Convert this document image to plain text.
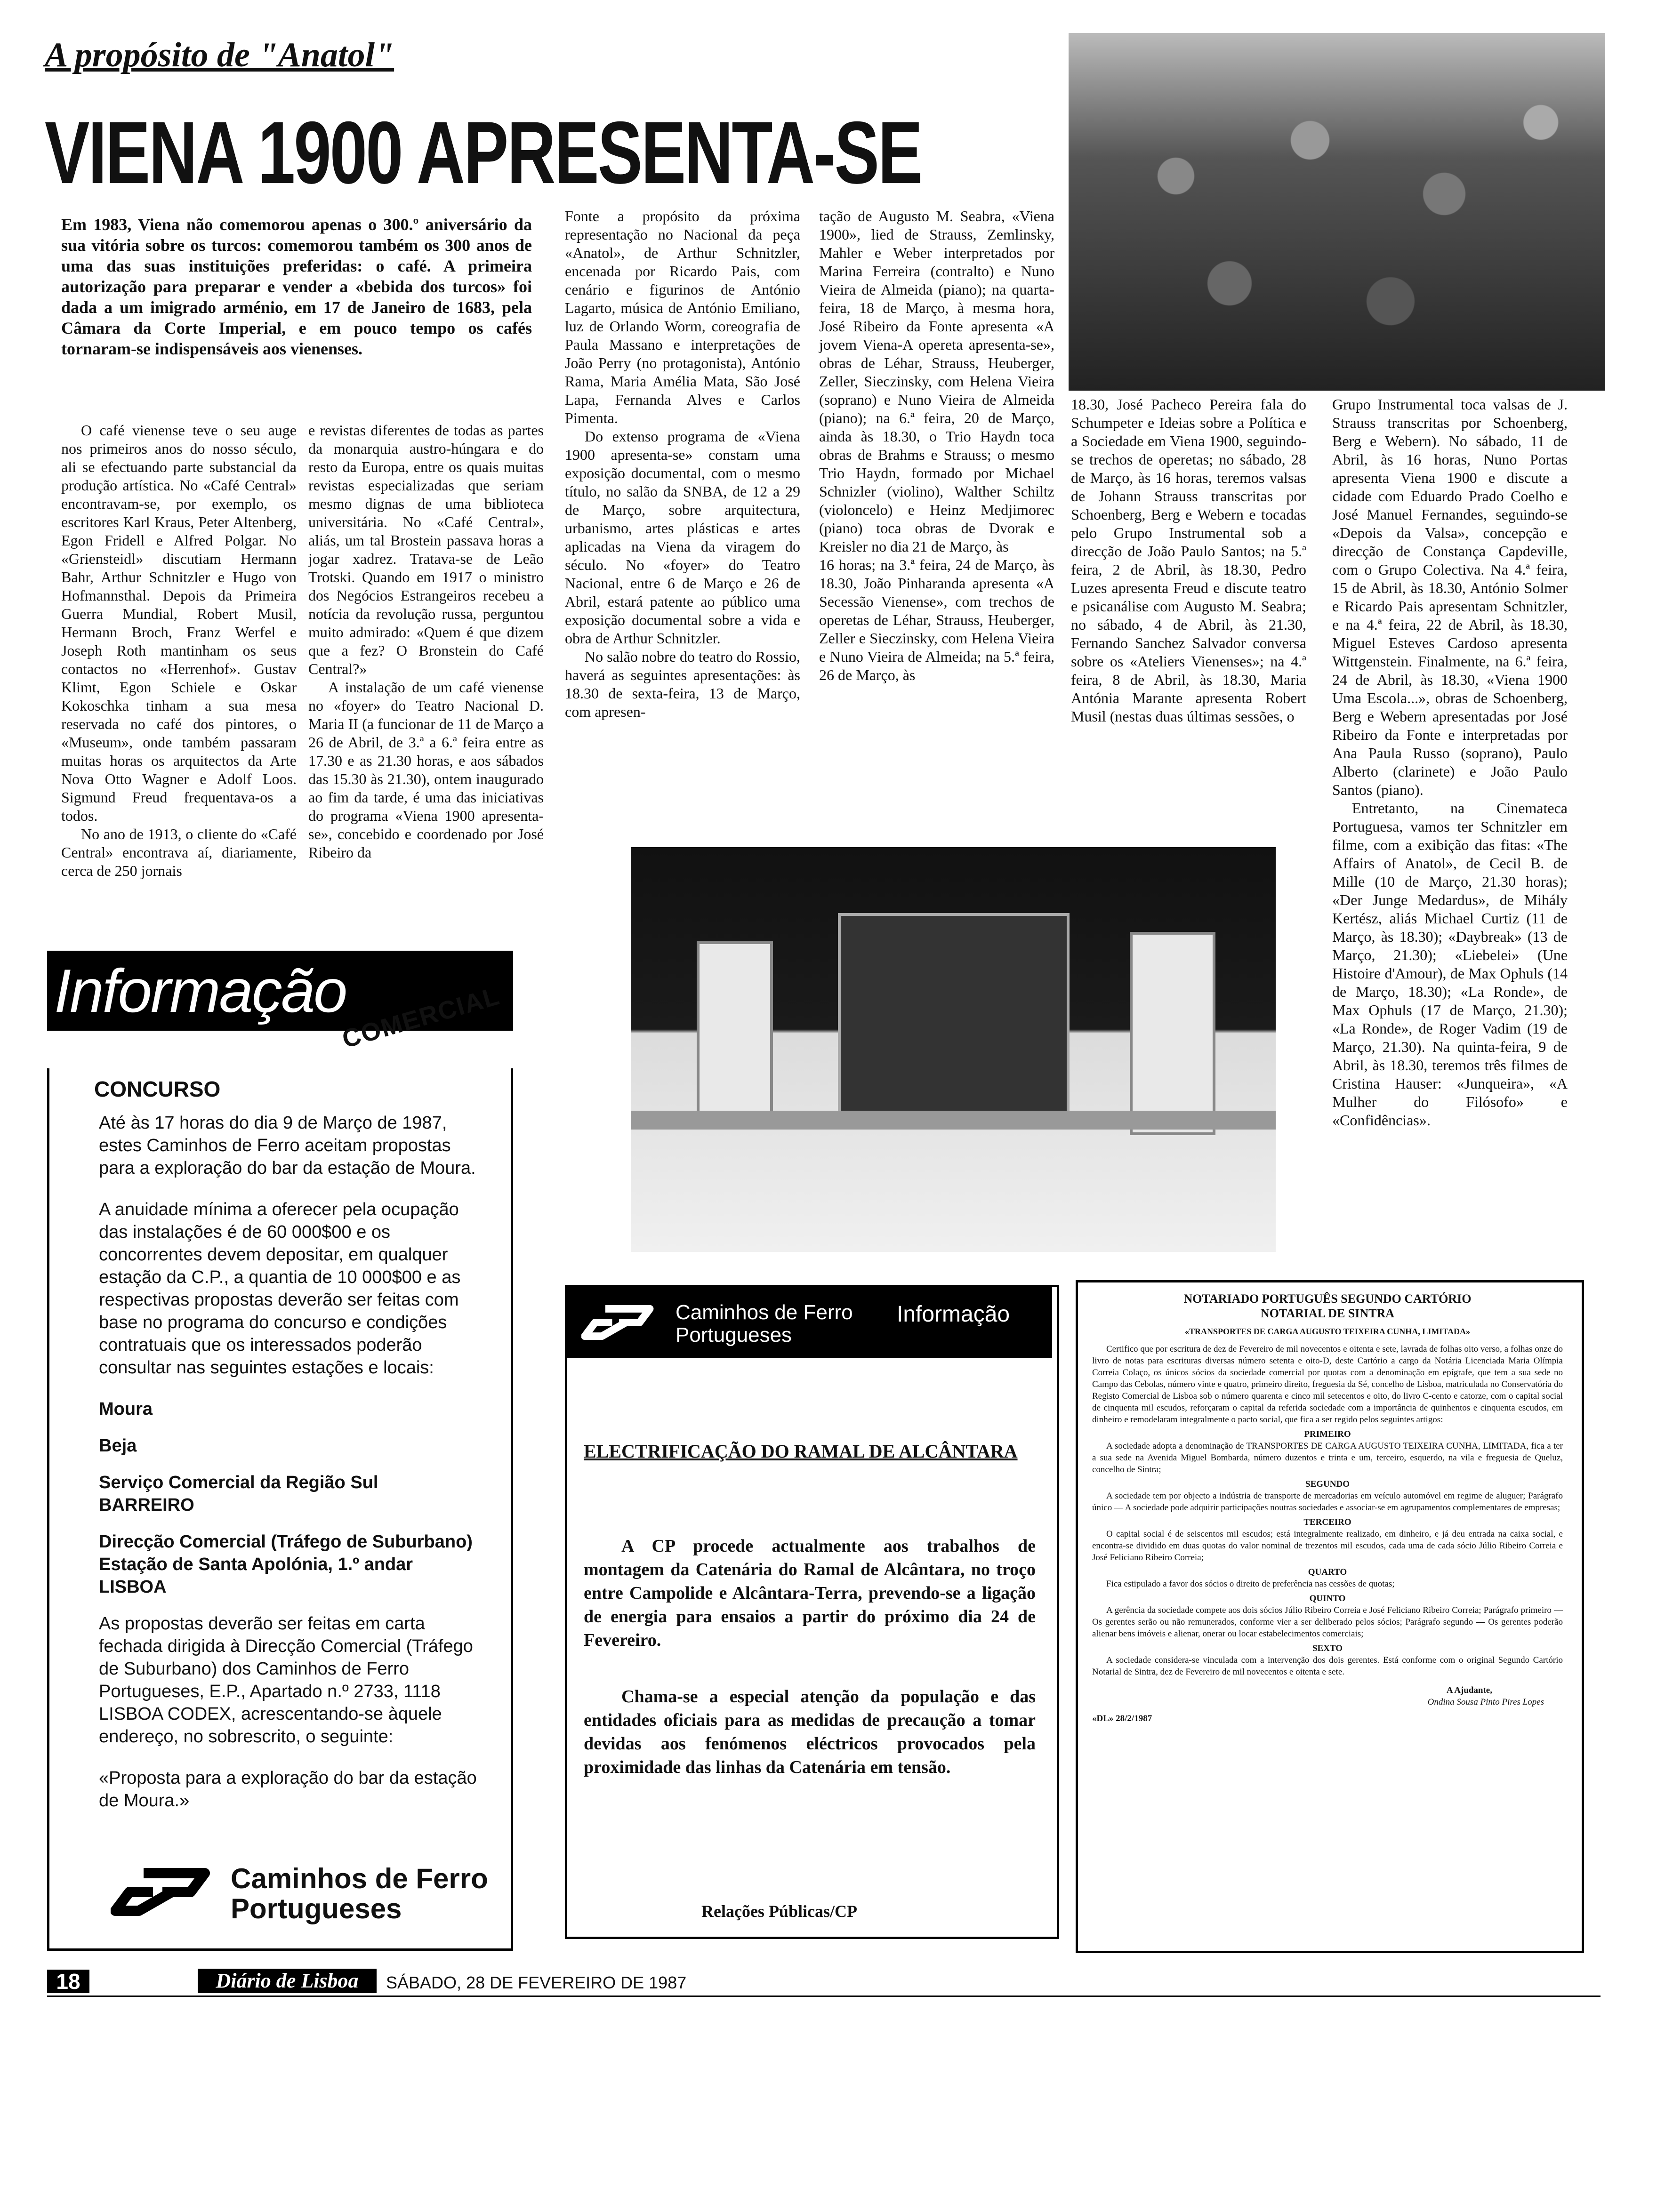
A propósito de "Anatol"
VIENA 1900 APRESENTA-SE
Em 1983, Viena não comemorou apenas o 300.º aniversário da sua vitória sobre os turcos: comemorou também os 300 anos de uma das suas instituições preferidas: o café. A primeira autorização para preparar e vender a «bebida dos turcos» foi dada a um imigrado arménio, em 17 de Janeiro de 1683, pela Câmara da Corte Imperial, e em pouco tempo os cafés tornaram-se indispensáveis aos vienenses.

O café vienense teve o seu auge nos primeiros anos do nosso século, ali se efectuando parte substancial da produção artística. No «Café Central» encontravam-se, por exemplo, os escritores Karl Kraus, Peter Altenberg, Egon Fridell e Alfred Polgar. No «Griensteidl» discutiam Hermann Bahr, Arthur Schnitzler e Hugo von Hofmannsthal. Depois da Primeira Guerra Mundial, Robert Musil, Hermann Broch, Franz Werfel e Joseph Roth mantinham os seus contactos no «Herrenhof». Gustav Klimt, Egon Schiele e Oskar Kokoschka tinham a sua mesa reservada no café dos pintores, o «Museum», onde também passaram muitas horas os arquitectos da Arte Nova Otto Wagner e Adolf Loos. Sigmund Freud frequentava-os a todos.

No ano de 1913, o cliente do «Café Central» encontrava aí, diariamente, cerca de 250 jornais

e revistas diferentes de todas as partes da monarquia austro-húngara e do resto da Europa, entre os quais muitas revistas especializadas que seriam mesmo dignas de uma biblioteca universitária. No «Café Central», aliás, um tal Brostein passava horas a jogar xadrez. Tratava-se de Leão Trotski. Quando em 1917 o ministro dos Negócios Estrangeiros recebeu a notícia da revolução russa, perguntou muito admirado: «Quem é que dizem que a fez? O Bronstein do Café Central?»

A instalação de um café vienense no «foyer» do Teatro Nacional D. Maria II (a funcionar de 11 de Março a 26 de Abril, de 3.ª a 6.ª feira entre as 17.30 e as 21.30 horas, e aos sábados das 15.30 às 21.30), ontem inaugurado ao fim da tarde, é uma das iniciativas do programa «Viena 1900 apresenta-se», concebido e coordenado por José Ribeiro da

Fonte a propósito da próxima representação no Nacional da peça «Anatol», de Arthur Schnitzler, encenada por Ricardo Pais, com cenário e figurinos de António Lagarto, música de António Emiliano, luz de Orlando Worm, coreografia de Paula Massano e interpretações de João Perry (no protagonista), António Rama, Maria Amélia Mata, São José Lapa, Fernanda Alves e Carlos Pimenta.

Do extenso programa de «Viena 1900 apresenta-se» constam uma exposição documental, com o mesmo título, no salão da SNBA, de 12 a 29 de Março, sobre arquitectura, urbanismo, artes plásticas e artes aplicadas na Viena da viragem do século. No «foyer» do Teatro Nacional, entre 6 de Março e 26 de Abril, estará patente ao público uma exposição documental sobre a vida e obra de Arthur Schnitzler.

No salão nobre do teatro do Rossio, haverá as seguintes apresentações: às 18.30 de sexta-feira, 13 de Março, com apresen-

tação de Augusto M. Seabra, «Viena 1900», lied de Strauss, Zemlinsky, Mahler e Weber interpretados por Marina Ferreira (contralto) e Nuno Vieira de Almeida (piano); na quarta-feira, 18 de Março, à mesma hora, José Ribeiro da Fonte apresenta «A jovem Viena-A opereta apresenta-se», obras de Léhar, Strauss, Heuberger, Zeller, Sieczinsky, com Helena Vieira (soprano) e Nuno Vieira de Almeida (piano); na 6.ª feira, 20 de Março, ainda às 18.30, o Trio Haydn toca obras de Brahms e Strauss; o mesmo Trio Haydn, formado por Michael Schnizler (violino), Walther Schiltz (violoncelo) e Heinz Medjimorec (piano) toca obras de Dvorak e Kreisler no dia 21 de Março, às

16 horas; na 3.ª feira, 24 de Março, às 18.30, João Pinharanda apresenta «A Secessão Vienense», com trechos de operetas de Léhar, Strauss, Heuberger, Zeller e Sieczinsky, com Helena Vieira e Nuno Vieira de Almeida; na 5.ª feira, 26 de Março, às

18.30, José Pacheco Pereira fala do Schumpeter e Ideias sobre a Política e a Sociedade em Viena 1900, seguindo-se trechos de operetas; no sábado, 28 de Março, às 16 horas, teremos valsas de Johann Strauss transcritas por Schoenberg, Berg e Webern e tocadas pelo Grupo Instrumental sob a direcção de João Paulo Santos; na 5.ª feira, 2 de Abril, às 18.30, Pedro Luzes apresenta Freud e discute teatro e psicanálise com Augusto M. Seabra; no sábado, 4 de Abril, às 21.30, Fernando Sanchez Salvador conversa sobre os «Ateliers Vienenses»; na 4.ª feira, 8 de Abril, às 18.30, Maria Antónia Marante apresenta Robert Musil (nestas duas últimas sessões, o

Grupo Instrumental toca valsas de J. Strauss transcritas por Schoenberg, Berg e Webern). No sábado, 11 de Abril, às 16 horas, Nuno Portas apresenta Viena 1900 e discute a cidade com Eduardo Prado Coelho e José Manuel Fernandes, seguindo-se «Depois da Valsa», concepção e direcção de Constança Capdeville, com o Grupo Colectiva. Na 4.ª feira, 15 de Abril, às 18.30, António Solmer e Ricardo Pais apresentam Schnitzler, e na 4.ª feira, 22 de Abril, às 18.30, Miguel Esteves Cardoso apresenta Wittgenstein. Finalmente, na 6.ª feira, 24 de Abril, às 18.30, «Viena 1900 Uma Escola...», obras de Schoenberg, Berg e Webern apresentadas por José Ribeiro da Fonte e interpretadas por Ana Paula Russo (soprano), Paulo Alberto (clarinete) e João Paulo Santos (piano).

Entretanto, na Cinemateca Portuguesa, vamos ter Schnitzler em filme, com a exibição das fitas: «The Affairs of Anatol», de Cecil B. de Mille (10 de Março, 21.30 horas); «Der Junge Medardus», de Mihály Kertész, aliás Michael Curtiz (11 de Março, às 18.30); «Daybreak» (13 de Março, 21.30); «Liebelei» (Une Histoire d'Amour), de Max Ophuls (14 de Março, 18.30); «La Ronde», de Max Ophuls (17 de Março, 21.30); «La Ronde», de Roger Vadim (19 de Março, 21.30). Na quinta-feira, 9 de Abril, às 18.30, teremos três filmes de Cristina Hauser: «Junqueira», «A Mulher do Filósofo» e «Confidências».

Informação
COMERCIAL
CONCURSO

Até às 17 horas do dia 9 de Março de 1987, estes Caminhos de Ferro aceitam propostas para a exploração do bar da estação de Moura.

A anuidade mínima a oferecer pela ocupação das instalações é de 60 000$00 e os concorrentes devem depositar, em qualquer estação da C.P., a quantia de 10 000$00 e as respectivas propostas deverão ser feitas com base no programa do concurso e condições contratuais que os interessados poderão consultar nas seguintes estações e locais:

Moura
Beja
Serviço Comercial da Região Sul
BARREIRO
Direcção Comercial (Tráfego de Suburbano)
Estação de Santa Apolónia, 1.º andar
LISBOA

As propostas deverão ser feitas em carta fechada dirigida à Direcção Comercial (Tráfego de Suburbano) dos Caminhos de Ferro Portugueses, E.P., Apartado n.º 2733, 1118 LISBOA CODEX, acrescentando-se àquele endereço, no sobrescrito, o seguinte:

«Proposta para a exploração do bar da estação de Moura.»

Caminhos de Ferro
Portugueses
Caminhos de Ferro
Portugueses
Informação
ELECTRIFICAÇÃO DO RAMAL DE ALCÂNTARA
A CP procede actualmente aos trabalhos de montagem da Catenária do Ramal de Alcântara, no troço entre Campolide e Alcântara-Terra, prevendo-se a ligação de energia para ensaios a partir do próximo dia 24 de Fevereiro.
Chama-se a especial atenção da população e das entidades oficiais para as medidas de precaução a tomar devidas aos fenómenos eléctricos provocados pela proximidade das linhas da Catenária em tensão.
Relações Públicas/CP
NOTARIADO PORTUGUÊS SEGUNDO CARTÓRIO
NOTARIAL DE SINTRA
«TRANSPORTES DE CARGA AUGUSTO TEIXEIRA CUNHA, LIMITADA»
Certifico que por escritura de dez de Fevereiro de mil novecentos e oitenta e sete, lavrada de folhas oito verso, a folhas onze do livro de notas para escrituras diversas número setenta e oito-D, deste Cartório a cargo da Notária Licenciada Maria Olímpia Correia Colaço, os únicos sócios da sociedade comercial por quotas com a denominação em epígrafe, que tem a sua sede no Campo das Cebolas, número vinte e quatro, primeiro direito, freguesia da Sé, concelho de Lisboa, matriculada no Conservatória do Registo Comercial de Lisboa sob o número quarenta e cinco mil setecentos e oito, do livro C-cento e catorze, com o capital social de cinquenta mil escudos, reforçaram o capital da referida sociedade com a importância de quinhentos e cinquenta escudos, em dinheiro e remodelaram integralmente o pacto social, que fica a ser regido pelos seguintes artigos:
PRIMEIRO
A sociedade adopta a denominação de TRANSPORTES DE CARGA AUGUSTO TEIXEIRA CUNHA, LIMITADA, fica a ter a sua sede na Avenida Miguel Bombarda, número duzentos e trinta e um, terceiro, esquerdo, na vila e freguesia de Queluz, concelho de Sintra;
SEGUNDO
A sociedade tem por objecto a indústria de transporte de mercadorias em veículo automóvel em regime de aluguer; Parágrafo único — A sociedade pode adquirir participações noutras sociedades e associar-se em agrupamentos complementares de empresas;
TERCEIRO
O capital social é de seiscentos mil escudos; está integralmente realizado, em dinheiro, e já deu entrada na caixa social, e encontra-se dividido em duas quotas do valor nominal de trezentos mil escudos, cada uma de cada sócio Júlio Ribeiro Correia e José Feliciano Ribeiro Correia;
QUARTO
Fica estipulado a favor dos sócios o direito de preferência nas cessões de quotas;
QUINTO
A gerência da sociedade compete aos dois sócios Júlio Ribeiro Correia e José Feliciano Ribeiro Correia; Parágrafo primeiro — Os gerentes serão ou não remunerados, conforme vier a ser deliberado pelos sócios; Parágrafo segundo — Os gerentes poderão alienar bens imóveis e alienar, onerar ou locar estabelecimentos comerciais;
SEXTO
A sociedade considera-se vinculada com a intervenção dos dois gerentes. Está conforme com o original Segundo Cartório Notarial de Sintra, dez de Fevereiro de mil novecentos e oitenta e sete.
A Ajudante,
Ondina Sousa Pinto Pires Lopes
«DL» 28/2/1987
18	Diário de Lisboa	SÁBADO, 28 DE FEVEREIRO DE 1987
